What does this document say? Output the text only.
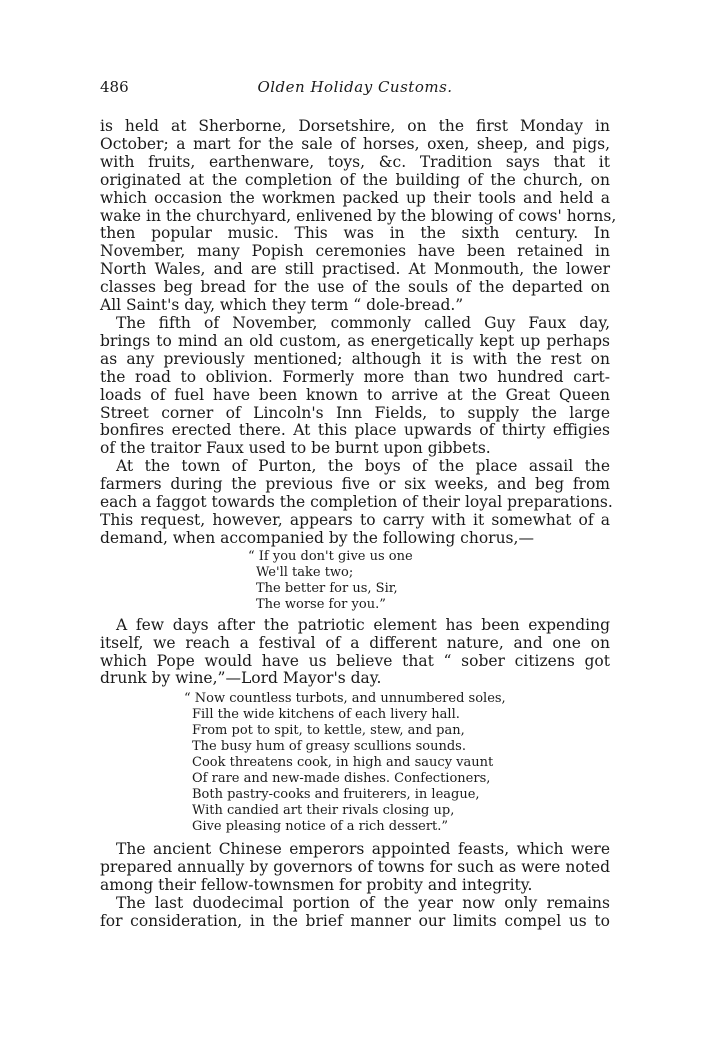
486	Olden Holiday Customs.

is held at Sherborne, Dorsetshire, on the first Monday in
October; a mart for the sale of horses, oxen, sheep, and pigs,
with fruits, earthenware, toys, &c. Tradition says that it
originated at the completion of the building of the church, on
which occasion the workmen packed up their tools and held a
wake in the churchyard, enlivened by the blowing of cows' horns,
then popular music. This was in the sixth century. In
November, many Popish ceremonies have been retained in
North Wales, and are still practised. At Monmouth, the lower
classes beg bread for the use of the souls of the departed on
All Saint's day, which they term “ dole-bread.”

The fifth of November, commonly called Guy Faux day,
brings to mind an old custom, as energetically kept up perhaps
as any previously mentioned; although it is with the rest on
the road to oblivion. Formerly more than two hundred cart-
loads of fuel have been known to arrive at the Great Queen
Street corner of Lincoln's Inn Fields, to supply the large
bonfires erected there. At this place upwards of thirty effigies
of the traitor Faux used to be burnt upon gibbets.

At the town of Purton, the boys of the place assail the
farmers during the previous five or six weeks, and beg from
each a faggot towards the completion of their loyal preparations.
This request, however, appears to carry with it somewhat of a
demand, when accompanied by the following chorus,—

“ If you don't give us one
We'll take two;
The better for us, Sir,
The worse for you.”

A few days after the patriotic element has been expending
itself, we reach a festival of a different nature, and one on
which Pope would have us believe that “ sober citizens got
drunk by wine,”—Lord Mayor's day.

“ Now countless turbots, and unnumbered soles,
Fill the wide kitchens of each livery hall.
From pot to spit, to kettle, stew, and pan,
The busy hum of greasy scullions sounds.
Cook threatens cook, in high and saucy vaunt
Of rare and new-made dishes. Confectioners,
Both pastry-cooks and fruiterers, in league,
With candied art their rivals closing up,
Give pleasing notice of a rich dessert.”

The ancient Chinese emperors appointed feasts, which were
prepared annually by governors of towns for such as were noted
among their fellow-townsmen for probity and integrity.

The last duodecimal portion of the year now only remains
for consideration, in the brief manner our limits compel us to
